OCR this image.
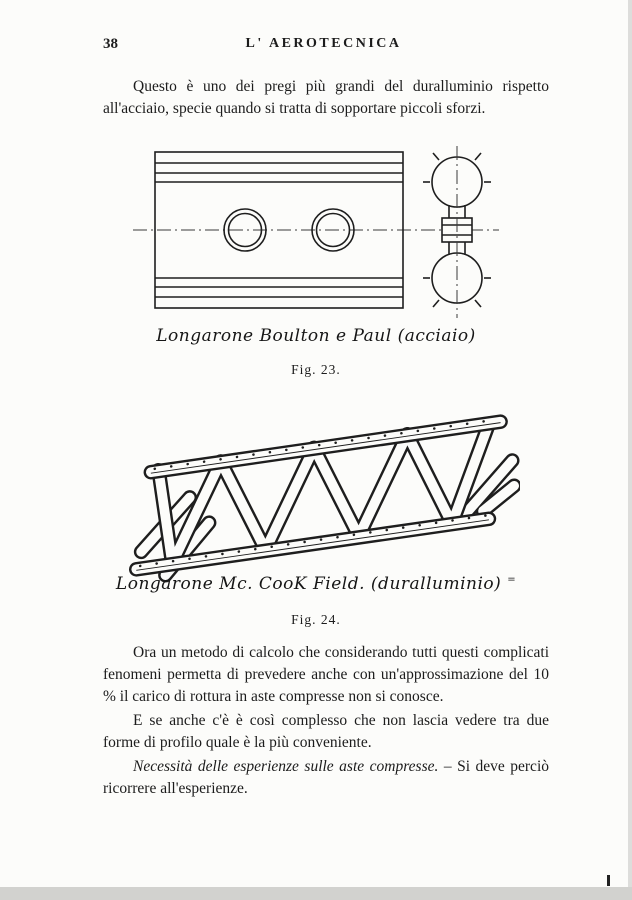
38	L' AEROTECNICA

Questo è uno dei pregi più grandi del duralluminio rispetto all'acciaio, specie quando si tratta di sopportare piccoli sforzi.

Longarone Boulton e Paul (acciaio)
Fig. 23.
Longarone Mc. CooK Field. (duralluminio) =
Fig. 24.

Ora un metodo di calcolo che considerando tutti questi complicati fenomeni permetta di prevedere anche con un'approssimazione del 10 % il carico di rottura in aste compresse non si conosce.

E se anche c'è è così complesso che non lascia vedere tra due forme di profilo quale è la più conveniente.

Necessità delle esperienze sulle aste compresse. – Si deve perciò ricorrere all'esperienze.
